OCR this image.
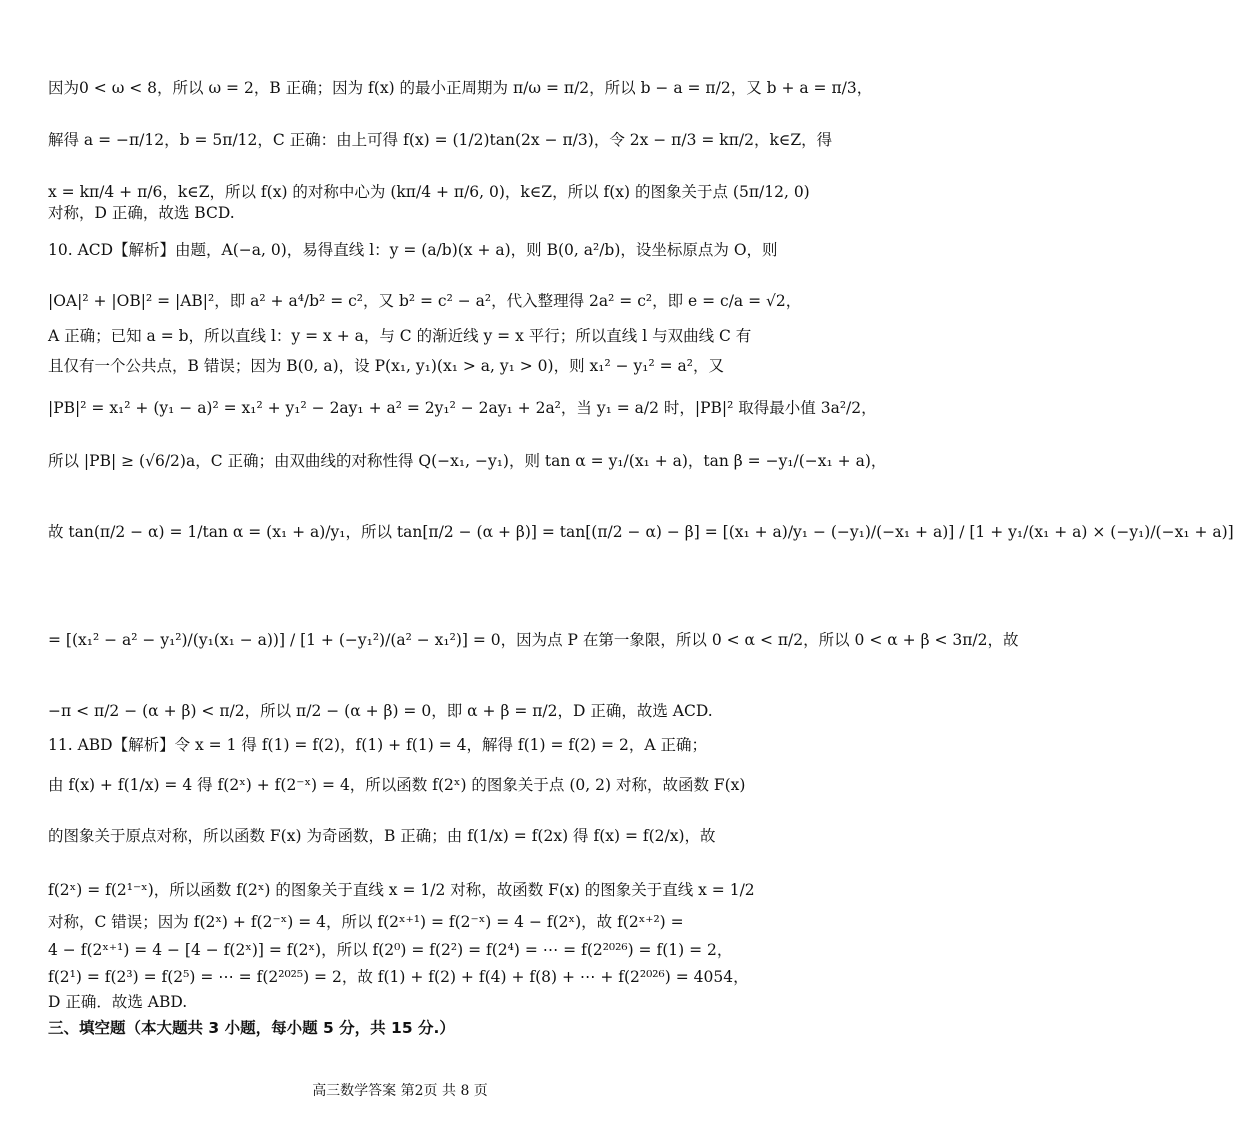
因为0 < ω < 8，所以 ω = 2，B 正确；因为 f(x) 的最小正周期为 π/ω = π/2，所以 b − a = π/2，又 b + a = π/3，
解得 a = −π/12，b = 5π/12，C 正确：由上可得 f(x) = (1/2)tan(2x − π/3)，令 2x − π/3 = kπ/2，k∈Z，得
x = kπ/4 + π/6，k∈Z，所以 f(x) 的对称中心为 (kπ/4 + π/6, 0)，k∈Z，所以 f(x) 的图象关于点 (5π/12, 0)
对称，D 正确，故选 BCD.
10. ACD【解析】由题，A(−a, 0)，易得直线 l：y = (a/b)(x + a)，则 B(0, a²/b)，设坐标原点为 O，则
|OA|² + |OB|² = |AB|²，即 a² + a⁴/b² = c²，又 b² = c² − a²，代入整理得 2a² = c²，即 e = c/a = √2，
A 正确；已知 a = b，所以直线 l：y = x + a，与 C 的渐近线 y = x 平行；所以直线 l 与双曲线 C 有
且仅有一个公共点，B 错误；因为 B(0, a)，设 P(x₁, y₁)(x₁ > a, y₁ > 0)，则 x₁² − y₁² = a²，又
|PB|² = x₁² + (y₁ − a)² = x₁² + y₁² − 2ay₁ + a² = 2y₁² − 2ay₁ + 2a²，当 y₁ = a/2 时，|PB|² 取得最小值 3a²/2，
所以 |PB| ≥ (√6/2)a，C 正确；由双曲线的对称性得 Q(−x₁, −y₁)，则 tan α = y₁/(x₁ + a)，tan β = −y₁/(−x₁ + a)，
故 tan(π/2 − α) = 1/tan α = (x₁ + a)/y₁，所以 tan[π/2 − (α + β)] = tan[(π/2 − α) − β] = [(x₁ + a)/y₁ − (−y₁)/(−x₁ + a)] / [1 + y₁/(x₁ + a) × (−y₁)/(−x₁ + a)]
= [(x₁² − a² − y₁²)/(y₁(x₁ − a))] / [1 + (−y₁²)/(a² − x₁²)] = 0，因为点 P 在第一象限，所以 0 < α < π/2，所以 0 < α + β < 3π/2，故
−π < π/2 − (α + β) < π/2，所以 π/2 − (α + β) = 0，即 α + β = π/2，D 正确，故选 ACD.
11. ABD【解析】令 x = 1 得 f(1) = f(2)，f(1) + f(1) = 4，解得 f(1) = f(2) = 2，A 正确；
由 f(x) + f(1/x) = 4 得 f(2ˣ) + f(2⁻ˣ) = 4，所以函数 f(2ˣ) 的图象关于点 (0, 2) 对称，故函数 F(x)
的图象关于原点对称，所以函数 F(x) 为奇函数，B 正确；由 f(1/x) = f(2x) 得 f(x) = f(2/x)，故
f(2ˣ) = f(2¹⁻ˣ)，所以函数 f(2ˣ) 的图象关于直线 x = 1/2 对称，故函数 F(x) 的图象关于直线 x = 1/2
对称，C 错误；因为 f(2ˣ) + f(2⁻ˣ) = 4，所以 f(2ˣ⁺¹) = f(2⁻ˣ) = 4 − f(2ˣ)，故 f(2ˣ⁺²) =
4 − f(2ˣ⁺¹) = 4 − [4 − f(2ˣ)] = f(2ˣ)，所以 f(2⁰) = f(2²) = f(2⁴) = ⋯ = f(2²⁰²⁶) = f(1) = 2，
f(2¹) = f(2³) = f(2⁵) = ⋯ = f(2²⁰²⁵) = 2，故 f(1) + f(2) + f(4) + f(8) + ⋯ + f(2²⁰²⁶) = 4054，
D 正确．故选 ABD.
三、填空题（本大题共 3 小题，每小题 5 分，共 15 分.）
高三数学答案 第2页 共 8 页
